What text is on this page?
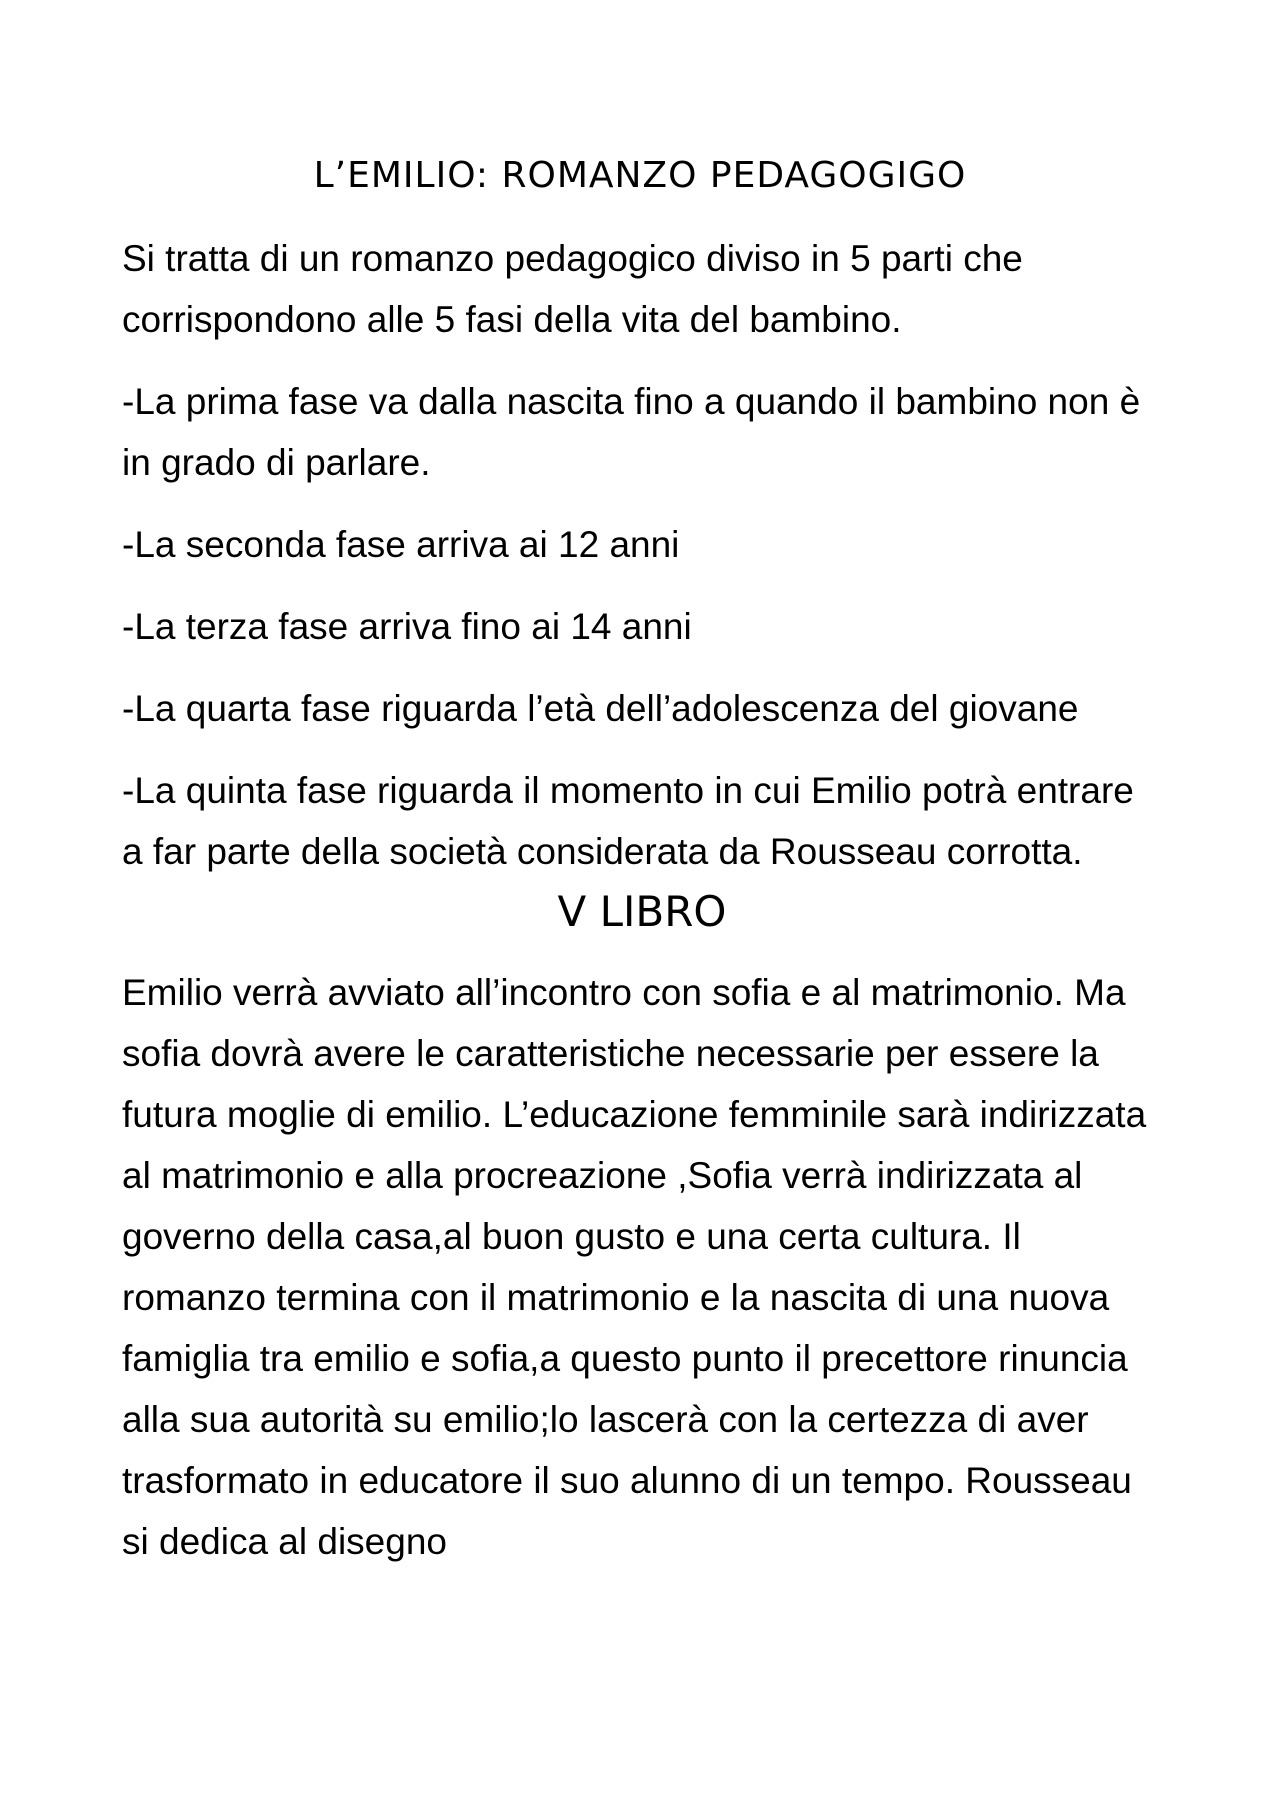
L’EMILIO: ROMANZO PEDAGOGIGO

Si tratta di un romanzo pedagogico diviso in 5 parti che corrispondono alle 5 fasi della vita del bambino.

-La prima fase va dalla nascita fino a quando il bambino non è in grado di parlare.

-La seconda fase arriva ai 12 anni

-La terza fase arriva fino ai 14 anni

-La quarta fase riguarda l’età dell’adolescenza del giovane

-La quinta fase riguarda il momento in cui Emilio potrà entrare a far parte della società considerata da Rousseau corrotta.

V LIBRO

Emilio verrà avviato all’incontro con sofia e al matrimonio. Ma sofia dovrà avere le caratteristiche necessarie per essere la futura moglie di emilio. L’educazione femminile sarà indirizzata al matrimonio e alla procreazione ,Sofia verrà indirizzata al governo della casa,al buon gusto e una certa cultura. Il romanzo termina con il matrimonio e la nascita di una nuova famiglia tra emilio e sofia,a questo punto il precettore rinuncia alla sua autorità su emilio;lo lascerà con la certezza di aver trasformato in educatore il suo alunno di un tempo. Rousseau si dedica al disegno
